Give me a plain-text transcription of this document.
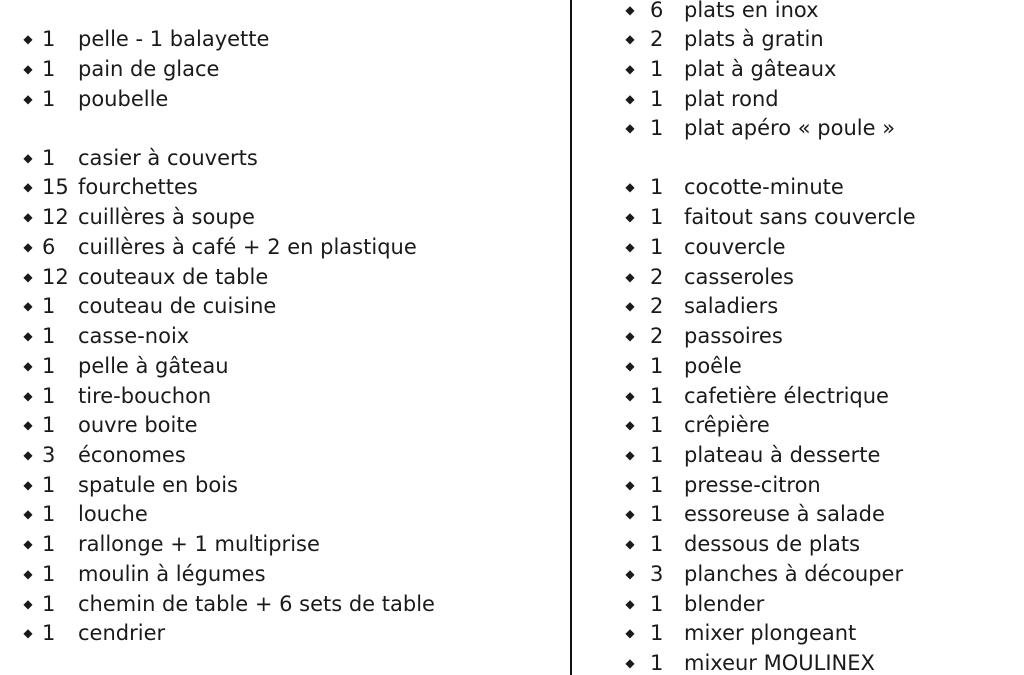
◆ 1 pelle - 1 balayette
◆ 1 pain de glace
◆ 1 poubelle
◆ 1 casier à couverts
◆ 15 fourchettes
◆ 12 cuillères à soupe
◆ 6 cuillères à café + 2 en plastique
◆ 12 couteaux de table
◆ 1 couteau de cuisine
◆ 1 casse-noix
◆ 1 pelle à gâteau
◆ 1 tire-bouchon
◆ 1 ouvre boite
◆ 3 économes
◆ 1 spatule en bois
◆ 1 louche
◆ 1 rallonge + 1 multiprise
◆ 1 moulin à légumes
◆ 1 chemin de table + 6 sets de table
◆ 1 cendrier
◆ 6 plats en inox
◆ 2 plats à gratin
◆ 1 plat à gâteaux
◆ 1 plat rond
◆ 1 plat apéro « poule »
◆ 1 cocotte-minute
◆ 1 faitout sans couvercle
◆ 1 couvercle
◆ 2 casseroles
◆ 2 saladiers
◆ 2 passoires
◆ 1 poêle
◆ 1 cafetière électrique
◆ 1 crêpière
◆ 1 plateau à desserte
◆ 1 presse-citron
◆ 1 essoreuse à salade
◆ 1 dessous de plats
◆ 3 planches à découper
◆ 1 blender
◆ 1 mixer plongeant
◆ 1 mixeur MOULINEX
